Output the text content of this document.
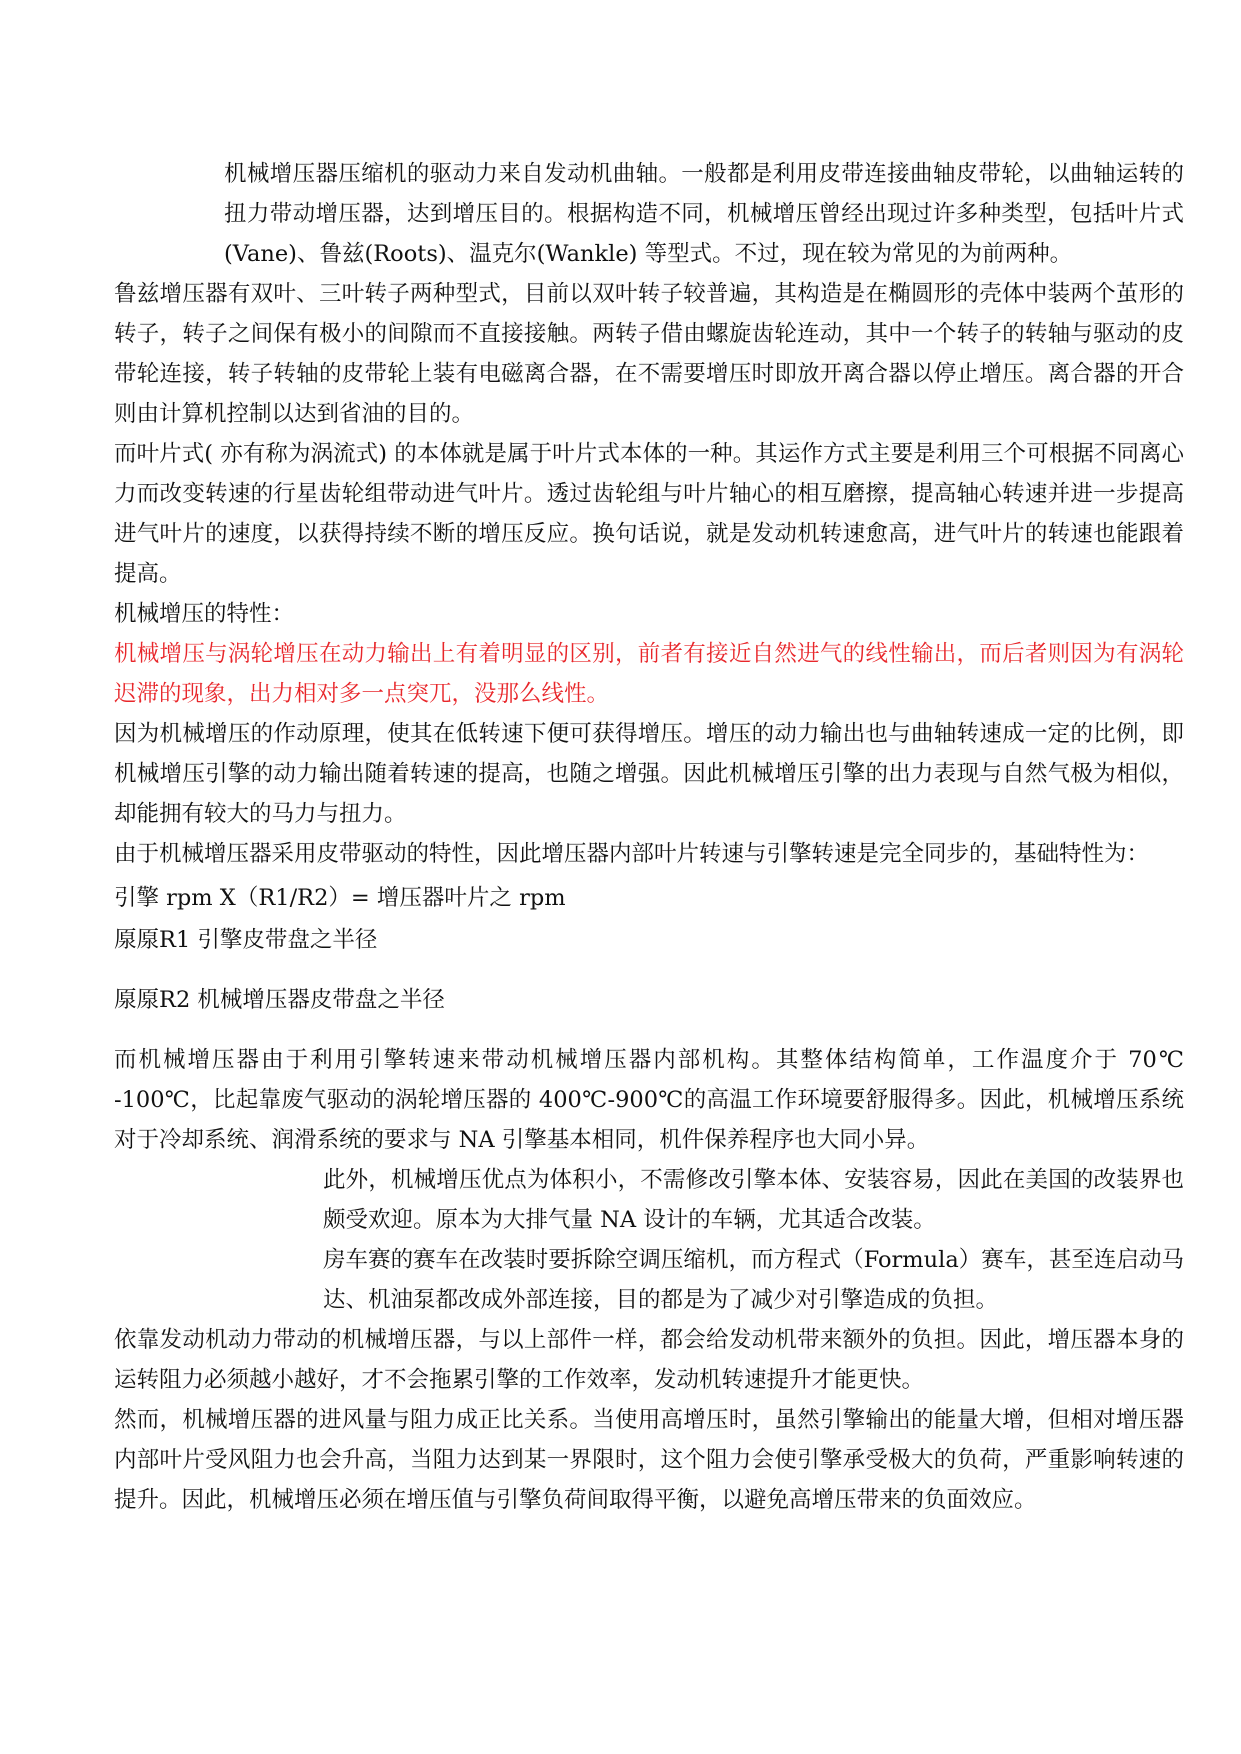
机械增压器压缩机的驱动力来自发动机曲轴。一般都是利用皮带连接曲轴皮带轮，以曲轴运转的扭力带动增压器，达到增压目的。根据构造不同，机械增压曾经出现过许多种类型，包括叶片式(Vane)、鲁兹(Roots)、温克尔(Wankle) 等型式。不过，现在较为常见的为前两种。

鲁兹增压器有双叶、三叶转子两种型式，目前以双叶转子较普遍，其构造是在椭圆形的壳体中装两个茧形的转子，转子之间保有极小的间隙而不直接接触。两转子借由螺旋齿轮连动，其中一个转子的转轴与驱动的皮带轮连接，转子转轴的皮带轮上装有电磁离合器，在不需要增压时即放开离合器以停止增压。离合器的开合则由计算机控制以达到省油的目的。

而叶片式( 亦有称为涡流式) 的本体就是属于叶片式本体的一种。其运作方式主要是利用三个可根据不同离心力而改变转速的行星齿轮组带动进气叶片。透过齿轮组与叶片轴心的相互磨擦，提高轴心转速并进一步提高进气叶片的速度，以获得持续不断的增压反应。换句话说，就是发动机转速愈高，进气叶片的转速也能跟着提高。

机械增压的特性：

机械增压与涡轮增压在动力输出上有着明显的区别，前者有接近自然进气的线性输出，而后者则因为有涡轮迟滞的现象，出力相对多一点突兀，没那么线性。

因为机械增压的作动原理，使其在低转速下便可获得增压。增压的动力输出也与曲轴转速成一定的比例，即机械增压引擎的动力输出随着转速的提高，也随之增强。因此机械增压引擎的出力表现与自然气极为相似，却能拥有较大的马力与扭力。

由于机械增压器采用皮带驱动的特性，因此增压器内部叶片转速与引擎转速是完全同步的，基础特性为：

引擎 rpm X（R1/R2）= 增压器叶片之 rpm

厡厡R1 引擎皮带盘之半径

厡厡R2 机械增压器皮带盘之半径

而机械增压器由于利用引擎转速来带动机械增压器内部机构。其整体结构简单，工作温度介于 70℃ -100℃，比起靠废气驱动的涡轮增压器的 400℃-900℃的高温工作环境要舒服得多。因此，机械增压系统对于冷却系统、润滑系统的要求与 NA 引擎基本相同，机件保养程序也大同小异。

此外，机械增压优点为体积小，不需修改引擎本体、安装容易，因此在美国的改装界也颇受欢迎。原本为大排气量 NA 设计的车辆，尤其适合改装。

房车赛的赛车在改装时要拆除空调压缩机，而方程式（Formula）赛车，甚至连启动马达、机油泵都改成外部连接，目的都是为了减少对引擎造成的负担。

依靠发动机动力带动的机械增压器，与以上部件一样，都会给发动机带来额外的负担。因此，增压器本身的运转阻力必须越小越好，才不会拖累引擎的工作效率，发动机转速提升才能更快。

然而，机械增压器的进风量与阻力成正比关系。当使用高增压时，虽然引擎输出的能量大增，但相对增压器内部叶片受风阻力也会升高，当阻力达到某一界限时，这个阻力会使引擎承受极大的负荷，严重影响转速的提升。因此，机械增压必须在增压值与引擎负荷间取得平衡，以避免高增压带来的负面效应。
